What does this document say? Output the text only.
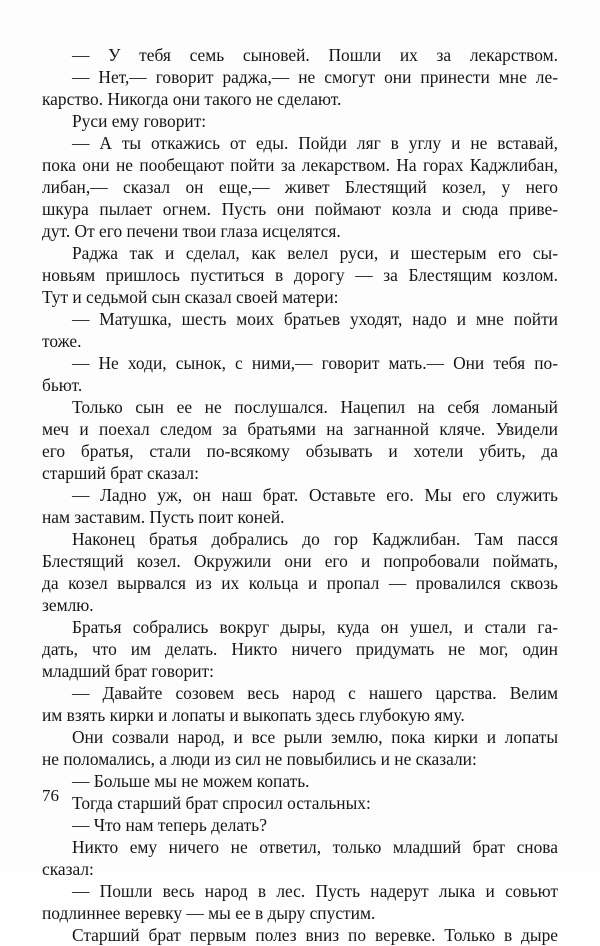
— У тебя семь сыновей. Пошли их за лекарством.
— Нет,— говорит раджа,— не смогут они принести мне ле-
карство. Никогда они такого не сделают.
Руси ему говорит:
— А ты откажись от еды. Пойди ляг в углу и не вставай,
пока они не пообещают пойти за лекарством. На горах Каджлибан,
либан,— сказал он еще,— живет Блестящий козел, у него
шкура пылает огнем. Пусть они поймают козла и сюда приве-
дут. От его печени твои глаза исцелятся.
Раджа так и сделал, как велел руси, и шестерым его сы-
новьям пришлось пуститься в дорогу — за Блестящим козлом.
Тут и седьмой сын сказал своей матери:
— Матушка, шесть моих братьев уходят, надо и мне пойти
тоже.
— Не ходи, сынок, с ними,— говорит мать.— Они тебя по-
бьют.
Только сын ее не послушался. Нацепил на себя ломаный
меч и поехал следом за братьями на загнанной кляче. Увидели
его братья, стали по-всякому обзывать и хотели убить, да
старший брат сказал:
— Ладно уж, он наш брат. Оставьте его. Мы его служить
нам заставим. Пусть поит коней.
Наконец братья добрались до гор Каджлибан. Там пасся
Блестящий козел. Окружили они его и попробовали поймать,
да козел вырвался из их кольца и пропал — провалился сквозь
землю.
Братья собрались вокруг дыры, куда он ушел, и стали га-
дать, что им делать. Никто ничего придумать не мог, один
младший брат говорит:
— Давайте созовем весь народ с нашего царства. Велим
им взять кирки и лопаты и выкопать здесь глубокую яму.
Они созвали народ, и все рыли землю, пока кирки и лопаты
не поломались, а люди из сил не повыбились и не сказали:
— Больше мы не можем копать.
Тогда старший брат спросил остальных:
— Что нам теперь делать?
Никто ему ничего не ответил, только младший брат снова
сказал:
— Пошли весь народ в лес. Пусть надерут лыка и совьют
подлиннее веревку — мы ее в дыру спустим.
Старший брат первым полез вниз по веревке. Только в дыре
76
